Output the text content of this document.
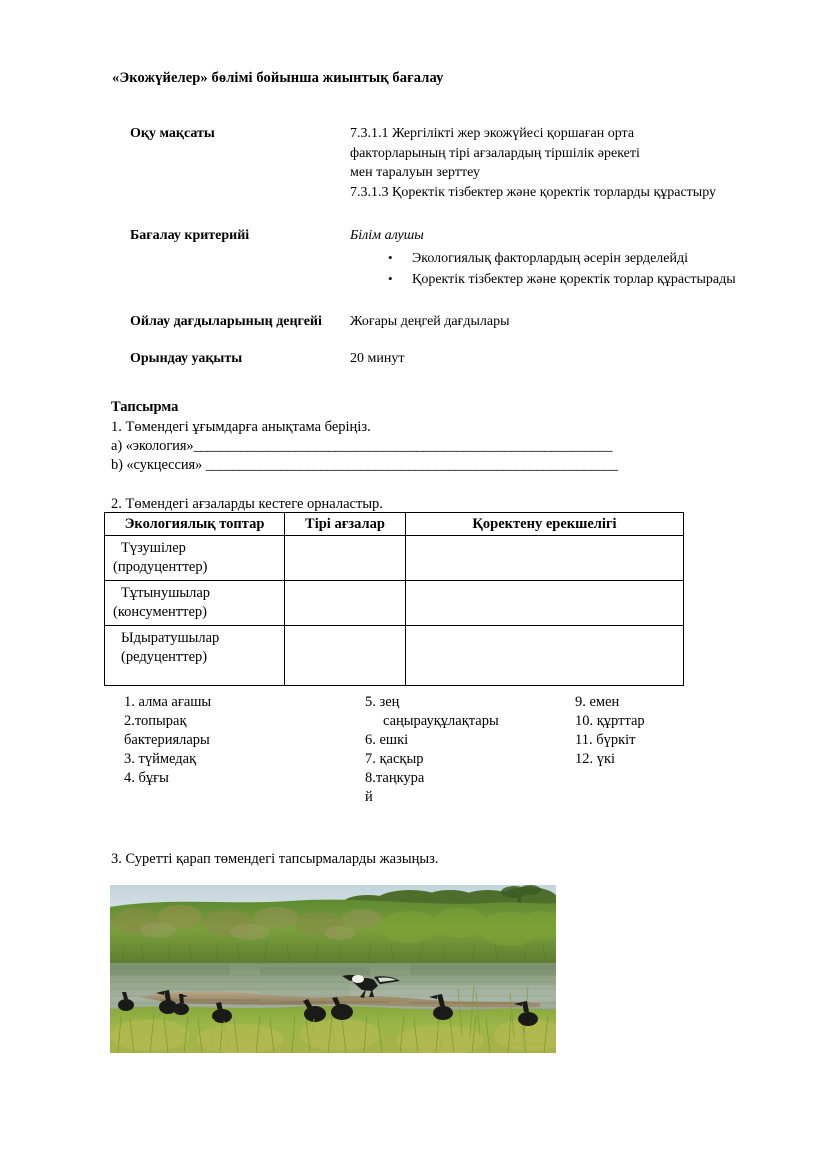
«Экожүйелер» бөлімі бойынша жиынтық бағалау
Оқу мақсаты	7.3.1.1 Жергілікті жер экожүйесі қоршаған орта
факторларының тірі ағзалардың тіршілік әрекеті
мен таралуын зерттеу
7.3.1.3 Қоректік тізбектер және қоректік торларды құрастыру
Бағалау критерийі	Білім алушы
• Экологиялық факторлардың әсерін зерделейді
• Қоректік тізбектер және қоректік торлар құрастырады
Ойлау дағдыларының деңгейі	Жоғары деңгей дағдылары
Орындау уақыты	20 минут
Тапсырма
1. Төмендегі ұғымдарға анықтама беріңіз.
a) «экология»______________________________________________________________
b) «сукцессия» _____________________________________________________________
2. Төмендегі ағзаларды кестеге орналастыр.
Экологиялық топтар	Тірі ағзалар	Қоректену ерекшелігі

Түзушілер
(продуценттер)		

Тұтынушылар
(консументтер)		

Ыдыратушылар
(редуценттер)		

1. алма ағашы
2.топырақ
бактериялары
3. түймедақ
4. бұғы
5. зең
саңырауқұлақтары
6. ешкі
7. қасқыр
8.таңкура
й
9. емен
10. құрттар
11. бүркіт
12. үкі
3. Суретті қарап төмендегі тапсырмаларды жазыңыз.
